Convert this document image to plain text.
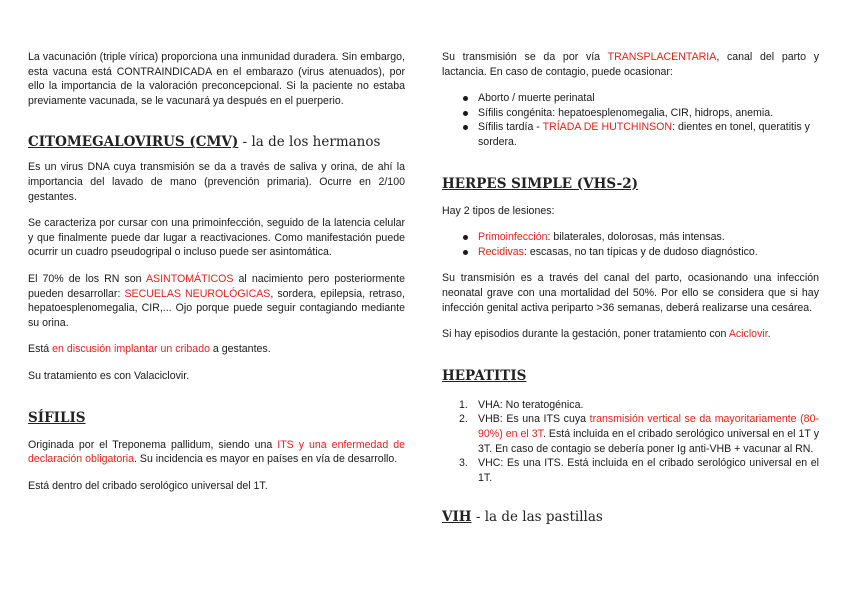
La vacunación (triple vírica) proporciona una inmunidad duradera. Sin embargo, esta vacuna está CONTRAINDICADA en el embarazo (virus atenuados), por ello la importancia de la valoración preconcepcional. Si la paciente no estaba previamente vacunada, se le vacunará ya después en el puerperio.

CITOMEGALOVIRUS (CMV) - la de los hermanos

Es un virus DNA cuya transmisión se da a través de saliva y orina, de ahí la importancia del lavado de mano (prevención primaria). Ocurre en 2/100 gestantes.

Se caracteriza por cursar con una primoinfección, seguido de la latencia celular y que finalmente puede dar lugar a reactivaciones. Como manifestación puede ocurrir un cuadro pseudogripal o incluso puede ser asintomática.

El 70% de los RN son ASINTOMÁTICOS al nacimiento pero posteriormente pueden desarrollar: SECUELAS NEUROLÓGICAS, sordera, epilepsia, retraso, hepatoesplenomegalia, CIR,... Ojo porque puede seguir contagiando mediante su orina.

Está en discusión implantar un cribado a gestantes.

Su tratamiento es con Valaciclovir.

SÍFILIS

Originada por el Treponema pallidum, siendo una ITS y una enfermedad de declaración obligatoria. Su incidencia es mayor en países en vía de desarrollo.

Está dentro del cribado serológico universal del 1T.

Su transmisión se da por vía TRANSPLACENTARIA, canal del parto y lactancia. En caso de contagio, puede ocasionar:

Aborto / muerte perinatal
Sífilis congénita: hepatoesplenomegalia, CIR, hidrops, anemia.
Sífilis tardía - TRÍADA DE HUTCHINSON: dientes en tonel, queratitis y sordera.
HERPES SIMPLE (VHS-2)

Hay 2 tipos de lesiones:

Primoinfección: bilaterales, dolorosas, más intensas.
Recidivas: escasas, no tan típicas y de dudoso diagnóstico.

Su transmisión es a través del canal del parto, ocasionando una infección neonatal grave con una mortalidad del 50%. Por ello se considera que si hay infección genital activa periparto >36 semanas, deberá realizarse una cesárea.

Si hay episodios durante la gestación, poner tratamiento con Aciclovir.

HEPATITIS
1. VHA: No teratogénica.
2. VHB: Es una ITS cuya transmisión vertical se da mayoritariamente (80-90%) en el 3T. Está incluida en el cribado serológico universal en el 1T y 3T. En caso de contagio se debería poner Ig anti-VHB + vacunar al RN.
3. VHC: Es una ITS. Está incluida en el cribado serológico universal en el 1T.
VIH - la de las pastillas
